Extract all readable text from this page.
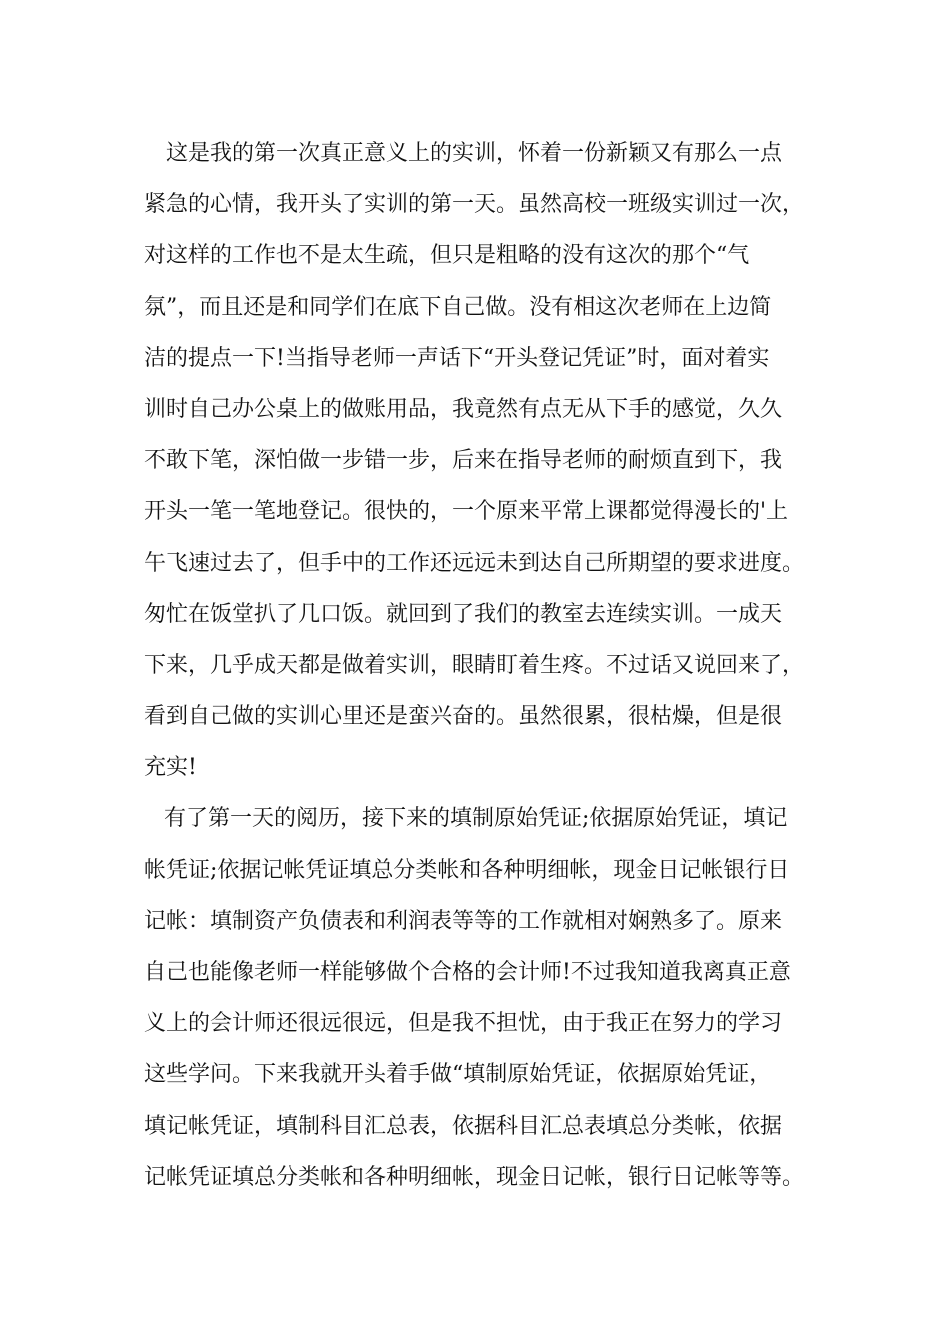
这是我的第一次真正意义上的实训，怀着一份新颖又有那么一点
紧急的心情，我开头了实训的第一天。虽然高校一班级实训过一次，
对这样的工作也不是太生疏，但只是粗略的没有这次的那个“气
氛”，而且还是和同学们在底下自己做。没有相这次老师在上边简
洁的提点一下!当指导老师一声话下“开头登记凭证”时，面对着实
训时自己办公桌上的做账用品，我竟然有点无从下手的感觉，久久
不敢下笔，深怕做一步错一步，后来在指导老师的耐烦直到下，我
开头一笔一笔地登记。很快的，一个原来平常上课都觉得漫长的'上
午飞速过去了，但手中的工作还远远未到达自己所期望的要求进度。
匆忙在饭堂扒了几口饭。就回到了我们的教室去连续实训。一成天
下来，几乎成天都是做着实训，眼睛盯着生疼。不过话又说回来了，
看到自己做的实训心里还是蛮兴奋的。虽然很累，很枯燥，但是很
充实!
有了第一天的阅历，接下来的填制原始凭证;依据原始凭证，填记
帐凭证;依据记帐凭证填总分类帐和各种明细帐，现金日记帐银行日
记帐：填制资产负债表和利润表等等的工作就相对娴熟多了。原来
自己也能像老师一样能够做个合格的会计师!不过我知道我离真正意
义上的会计师还很远很远，但是我不担忧，由于我正在努力的学习
这些学问。下来我就开头着手做“填制原始凭证，依据原始凭证，
填记帐凭证，填制科目汇总表，依据科目汇总表填总分类帐，依据
记帐凭证填总分类帐和各种明细帐，现金日记帐，银行日记帐等等。
